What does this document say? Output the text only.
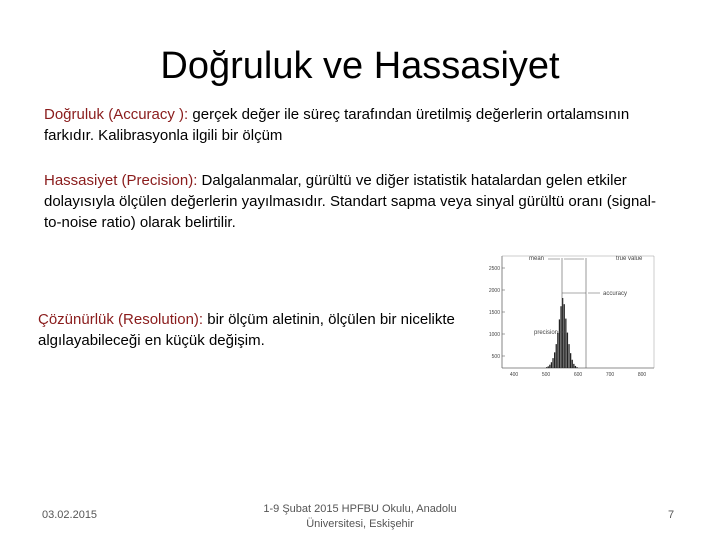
Doğruluk ve Hassasiyet
Doğruluk (Accuracy ): gerçek değer ile süreç tarafından üretilmiş değerlerin ortalamsının farkıdır. Kalibrasyonla ilgili bir ölçüm
Hassasiyet (Precision): Dalgalanmalar, gürültü ve diğer istatistik hatalardan gelen etkiler dolayısıyla ölçülen değerlerin yayılmasıdır. Standart sapma veya sinyal gürültü oranı (signal-to-noise ratio) olarak belirtilir.
Çözünürlük (Resolution): bir ölçüm aletinin, ölçülen bir nicelikte algılayabileceği en küçük değişim.
2500
2000
1500
1000
500
400	500	600	700	800
mean	true value
accuracy
precision
03.02.2015	1-9 Şubat 2015 HPFBU Okulu, Anadolu
Üniversitesi, Eskişehir
7
